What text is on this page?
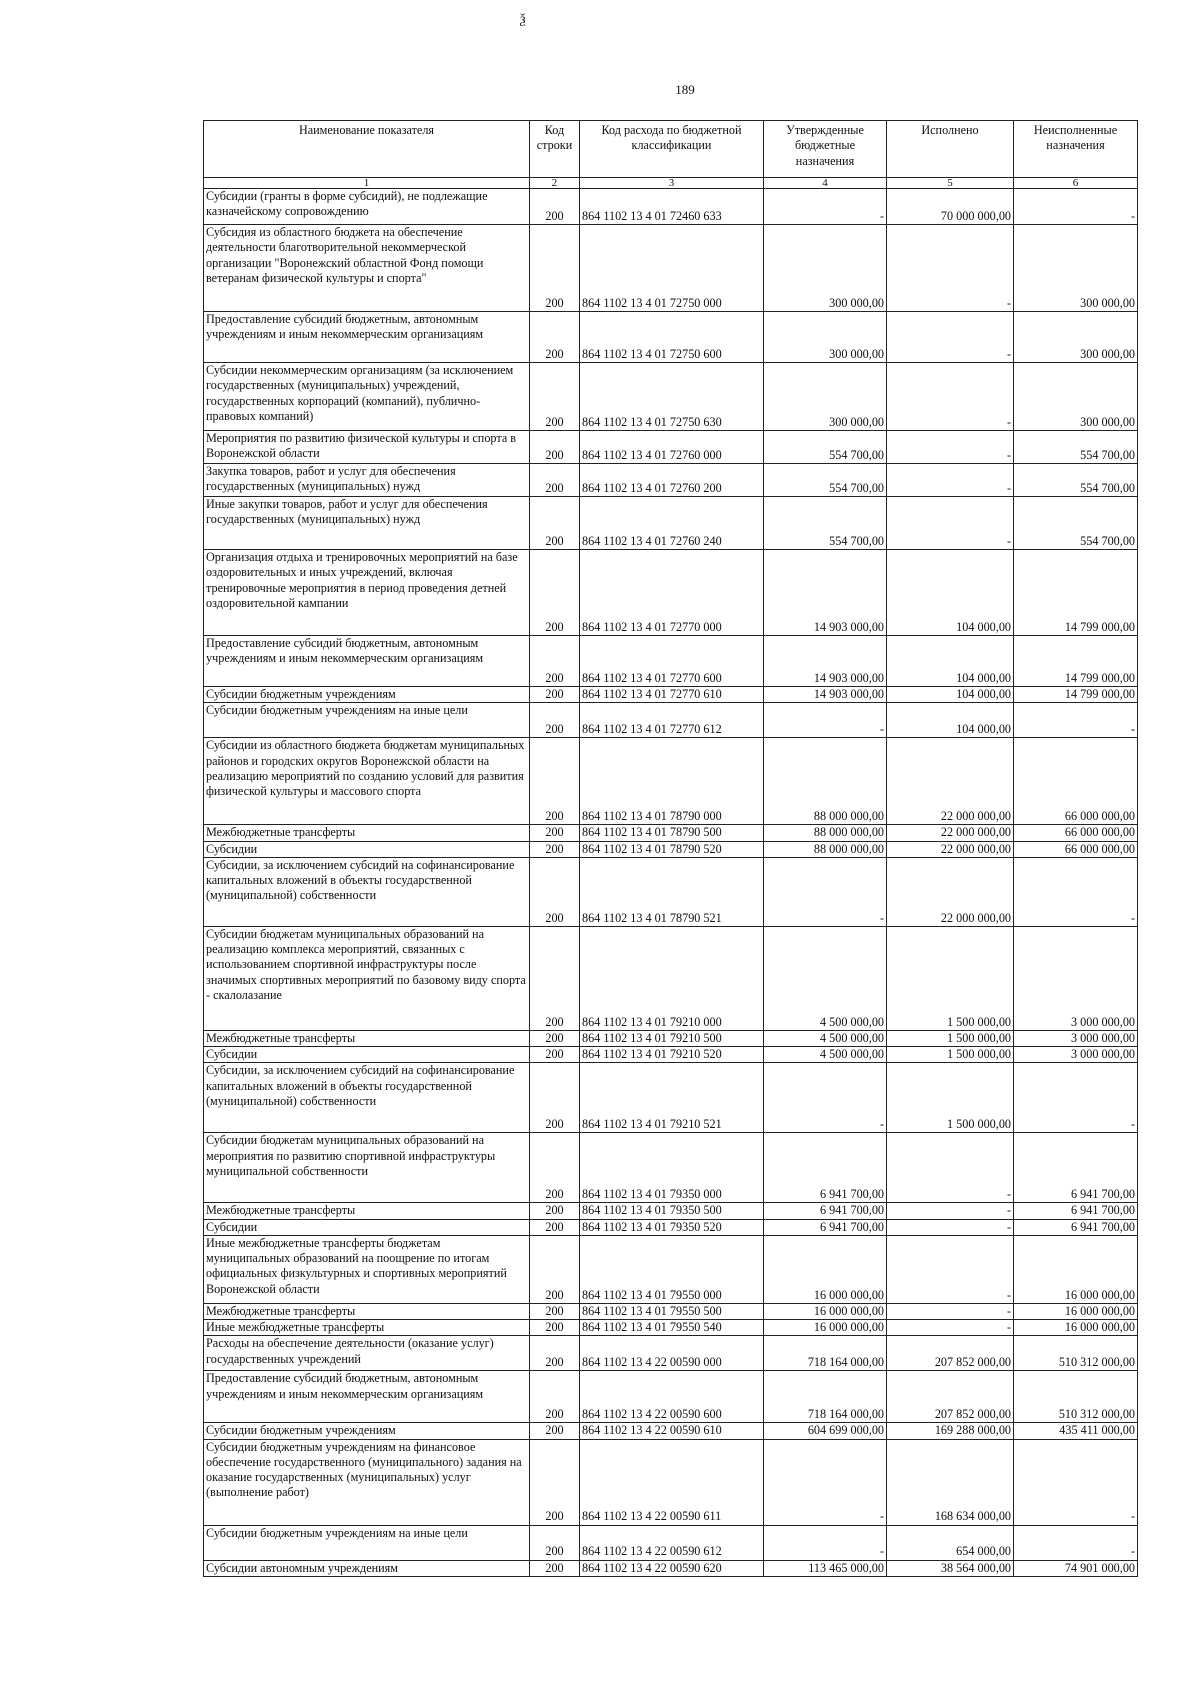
ѯ
189
Наименование показателя	Код строки	Код расхода по бюджетной классификации	Утвержденные бюджетные назначения	Исполнено	Неисполненные назначения
1	2	3	4	5	6
Субсидии (гранты в форме субсидий), не подлежащие казначейскому сопровождению	200	864 1102 13 4 01 72460 633	-	70 000 000,00	-
Субсидия из областного бюджета на обеспечение деятельности благотворительной некоммерческой организации "Воронежский областной Фонд помощи ветеранам физической культуры и спорта"	200	864 1102 13 4 01 72750 000	300 000,00	-	300 000,00
Предоставление субсидий бюджетным, автономным учреждениям и иным некоммерческим организациям	200	864 1102 13 4 01 72750 600	300 000,00	-	300 000,00
Субсидии некоммерческим организациям (за исключением государственных (муниципальных) учреждений, государственных корпораций (компаний), публично-правовых компаний)	200	864 1102 13 4 01 72750 630	300 000,00	-	300 000,00
Мероприятия по развитию физической культуры и спорта в Воронежской области	200	864 1102 13 4 01 72760 000	554 700,00	-	554 700,00
Закупка товаров, работ и услуг для обеспечения государственных (муниципальных) нужд	200	864 1102 13 4 01 72760 200	554 700,00	-	554 700,00
Иные закупки товаров, работ и услуг для обеспечения государственных (муниципальных) нужд	200	864 1102 13 4 01 72760 240	554 700,00	-	554 700,00
Организация отдыха и тренировочных мероприятий на базе оздоровительных и иных учреждений, включая тренировочные мероприятия в период проведения детней оздоровительной кампании	200	864 1102 13 4 01 72770 000	14 903 000,00	104 000,00	14 799 000,00
Предоставление субсидий бюджетным, автономным учреждениям и иным некоммерческим организациям	200	864 1102 13 4 01 72770 600	14 903 000,00	104 000,00	14 799 000,00
Субсидии бюджетным учреждениям	200	864 1102 13 4 01 72770 610	14 903 000,00	104 000,00	14 799 000,00
Субсидии бюджетным учреждениям на иные цели	200	864 1102 13 4 01 72770 612	-	104 000,00	-
Субсидии из областного бюджета бюджетам муниципальных районов и городских округов Воронежской области на реализацию мероприятий по созданию условий для развития физической культуры и массового спорта	200	864 1102 13 4 01 78790 000	88 000 000,00	22 000 000,00	66 000 000,00
Межбюджетные трансферты	200	864 1102 13 4 01 78790 500	88 000 000,00	22 000 000,00	66 000 000,00
Субсидии	200	864 1102 13 4 01 78790 520	88 000 000,00	22 000 000,00	66 000 000,00
Субсидии, за исключением субсидий на софинансирование капитальных вложений в объекты государственной (муниципальной) собственности	200	864 1102 13 4 01 78790 521	-	22 000 000,00	-
Субсидии бюджетам муниципальных образований на реализацию комплекса мероприятий, связанных с использованием спортивной инфраструктуры после значимых спортивных мероприятий по базовому виду спорта - скалолазание	200	864 1102 13 4 01 79210 000	4 500 000,00	1 500 000,00	3 000 000,00
Межбюджетные трансферты	200	864 1102 13 4 01 79210 500	4 500 000,00	1 500 000,00	3 000 000,00
Субсидии	200	864 1102 13 4 01 79210 520	4 500 000,00	1 500 000,00	3 000 000,00
Субсидии, за исключением субсидий на софинансирование капитальных вложений в объекты государственной (муниципальной) собственности	200	864 1102 13 4 01 79210 521	-	1 500 000,00	-
Субсидии бюджетам муниципальных образований на мероприятия по развитию спортивной инфраструктуры муниципальной собственности	200	864 1102 13 4 01 79350 000	6 941 700,00	-	6 941 700,00
Межбюджетные трансферты	200	864 1102 13 4 01 79350 500	6 941 700,00	-	6 941 700,00
Субсидии	200	864 1102 13 4 01 79350 520	6 941 700,00	-	6 941 700,00
Иные межбюджетные трансферты бюджетам муниципальных образований на поощрение по итогам официальных физкультурных и спортивных мероприятий Воронежской области	200	864 1102 13 4 01 79550 000	16 000 000,00	-	16 000 000,00
Межбюджетные трансферты	200	864 1102 13 4 01 79550 500	16 000 000,00	-	16 000 000,00
Иные межбюджетные трансферты	200	864 1102 13 4 01 79550 540	16 000 000,00	-	16 000 000,00
Расходы на обеспечение деятельности (оказание услуг) государственных учреждений	200	864 1102 13 4 22 00590 000	718 164 000,00	207 852 000,00	510 312 000,00
Предоставление субсидий бюджетным, автономным учреждениям и иным некоммерческим организациям	200	864 1102 13 4 22 00590 600	718 164 000,00	207 852 000,00	510 312 000,00
Субсидии бюджетным учреждениям	200	864 1102 13 4 22 00590 610	604 699 000,00	169 288 000,00	435 411 000,00
Субсидии бюджетным учреждениям на финансовое обеспечение государственного (муниципального) задания на оказание государственных (муниципальных) услуг (выполнение работ)	200	864 1102 13 4 22 00590 611	-	168 634 000,00	-
Субсидии бюджетным учреждениям на иные цели	200	864 1102 13 4 22 00590 612	-	654 000,00	-
Субсидии автономным учреждениям	200	864 1102 13 4 22 00590 620	113 465 000,00	38 564 000,00	74 901 000,00
